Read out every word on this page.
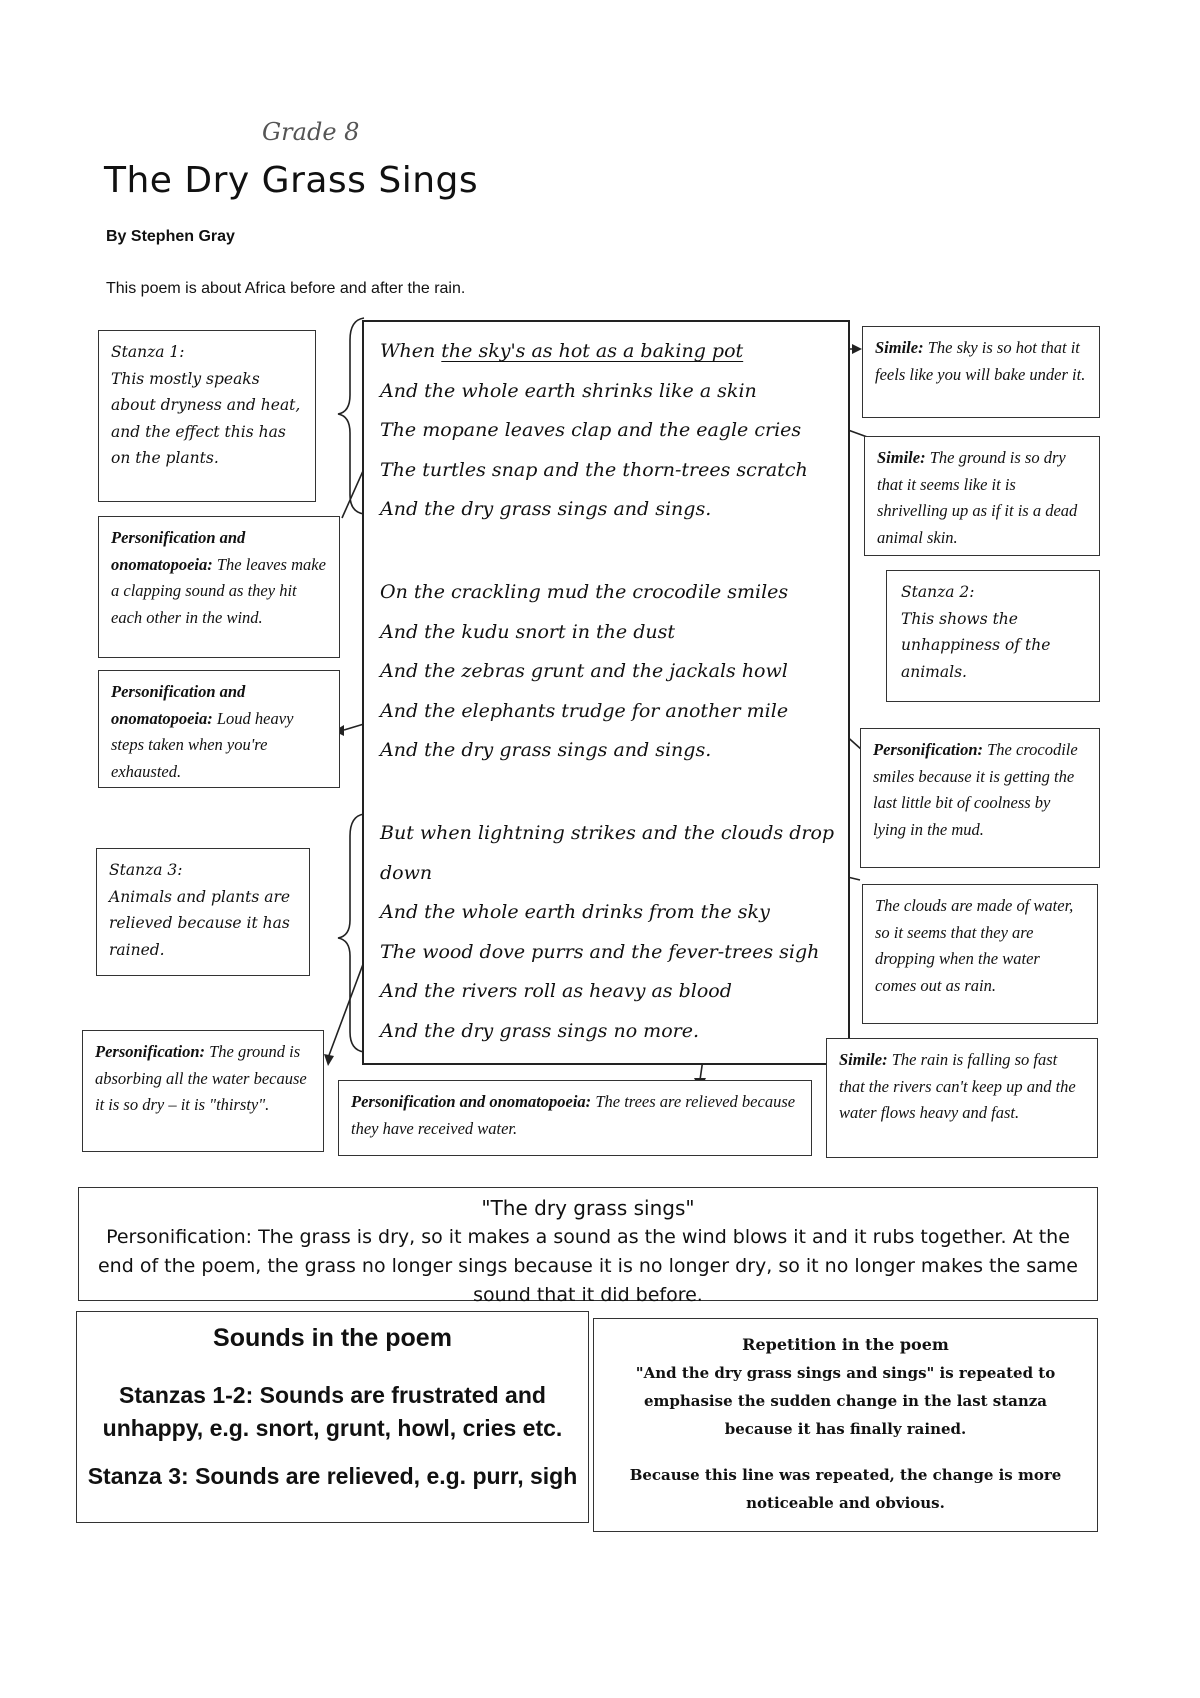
Grade 8
The Dry Grass Sings
By Stephen Gray
This poem is about Africa before and after the rain.
When the sky's as hot as a baking pot
And the whole earth shrinks like a skin
The mopane leaves clap and the eagle cries
The turtles snap and the thorn-trees scratch
And the dry grass sings and sings.
On the crackling mud the crocodile smiles
And the kudu snort in the dust
And the zebras grunt and the jackals howl
And the elephants trudge for another mile
And the dry grass sings and sings.
But when lightning strikes and the clouds drop
down
And the whole earth drinks from the sky
The wood dove purrs and the fever-trees sigh
And the rivers roll as heavy as blood
And the dry grass sings no more.

Stanza 1:

This mostly speaks about dryness and heat, and the effect this has on the plants.

Personification and onomatopoeia: The leaves make a clapping sound as they hit each other in the wind.

Personification and onomatopoeia: Loud heavy steps taken when you're exhausted.

Stanza 3:

Animals and plants are relieved because it has rained.

Personification: The ground is absorbing all the water because it is so dry – it is "thirsty".	Personification and onomatopoeia: The trees are relieved because they have received water.

Simile: The sky is so hot that it feels like you will bake under it.

Simile: The ground is so dry that it seems like it is shrivelling up as if it is a dead animal skin.

Stanza 2:

This shows the unhappiness of the animals.

Personification: The crocodile smiles because it is getting the last little bit of coolness by lying in the mud.

The clouds are made of water, so it seems that they are dropping when the water comes out as rain.

Simile: The rain is falling so fast that the rivers can't keep up and the water flows heavy and fast.

"The dry grass sings"
Personification: The grass is dry, so it makes a sound as the wind blows it and it rubs together. At the end of the poem, the grass no longer sings because it is no longer dry, so it no longer makes the same sound that it did before.
Sounds in the poem
Stanzas 1-2: Sounds are frustrated and unhappy, e.g. snort, grunt, howl, cries etc.
Stanza 3: Sounds are relieved, e.g. purr, sigh

Repetition in the poem

"And the dry grass sings and sings" is repeated to emphasise the sudden change in the last stanza because it has finally rained.

Because this line was repeated, the change is more noticeable and obvious.
